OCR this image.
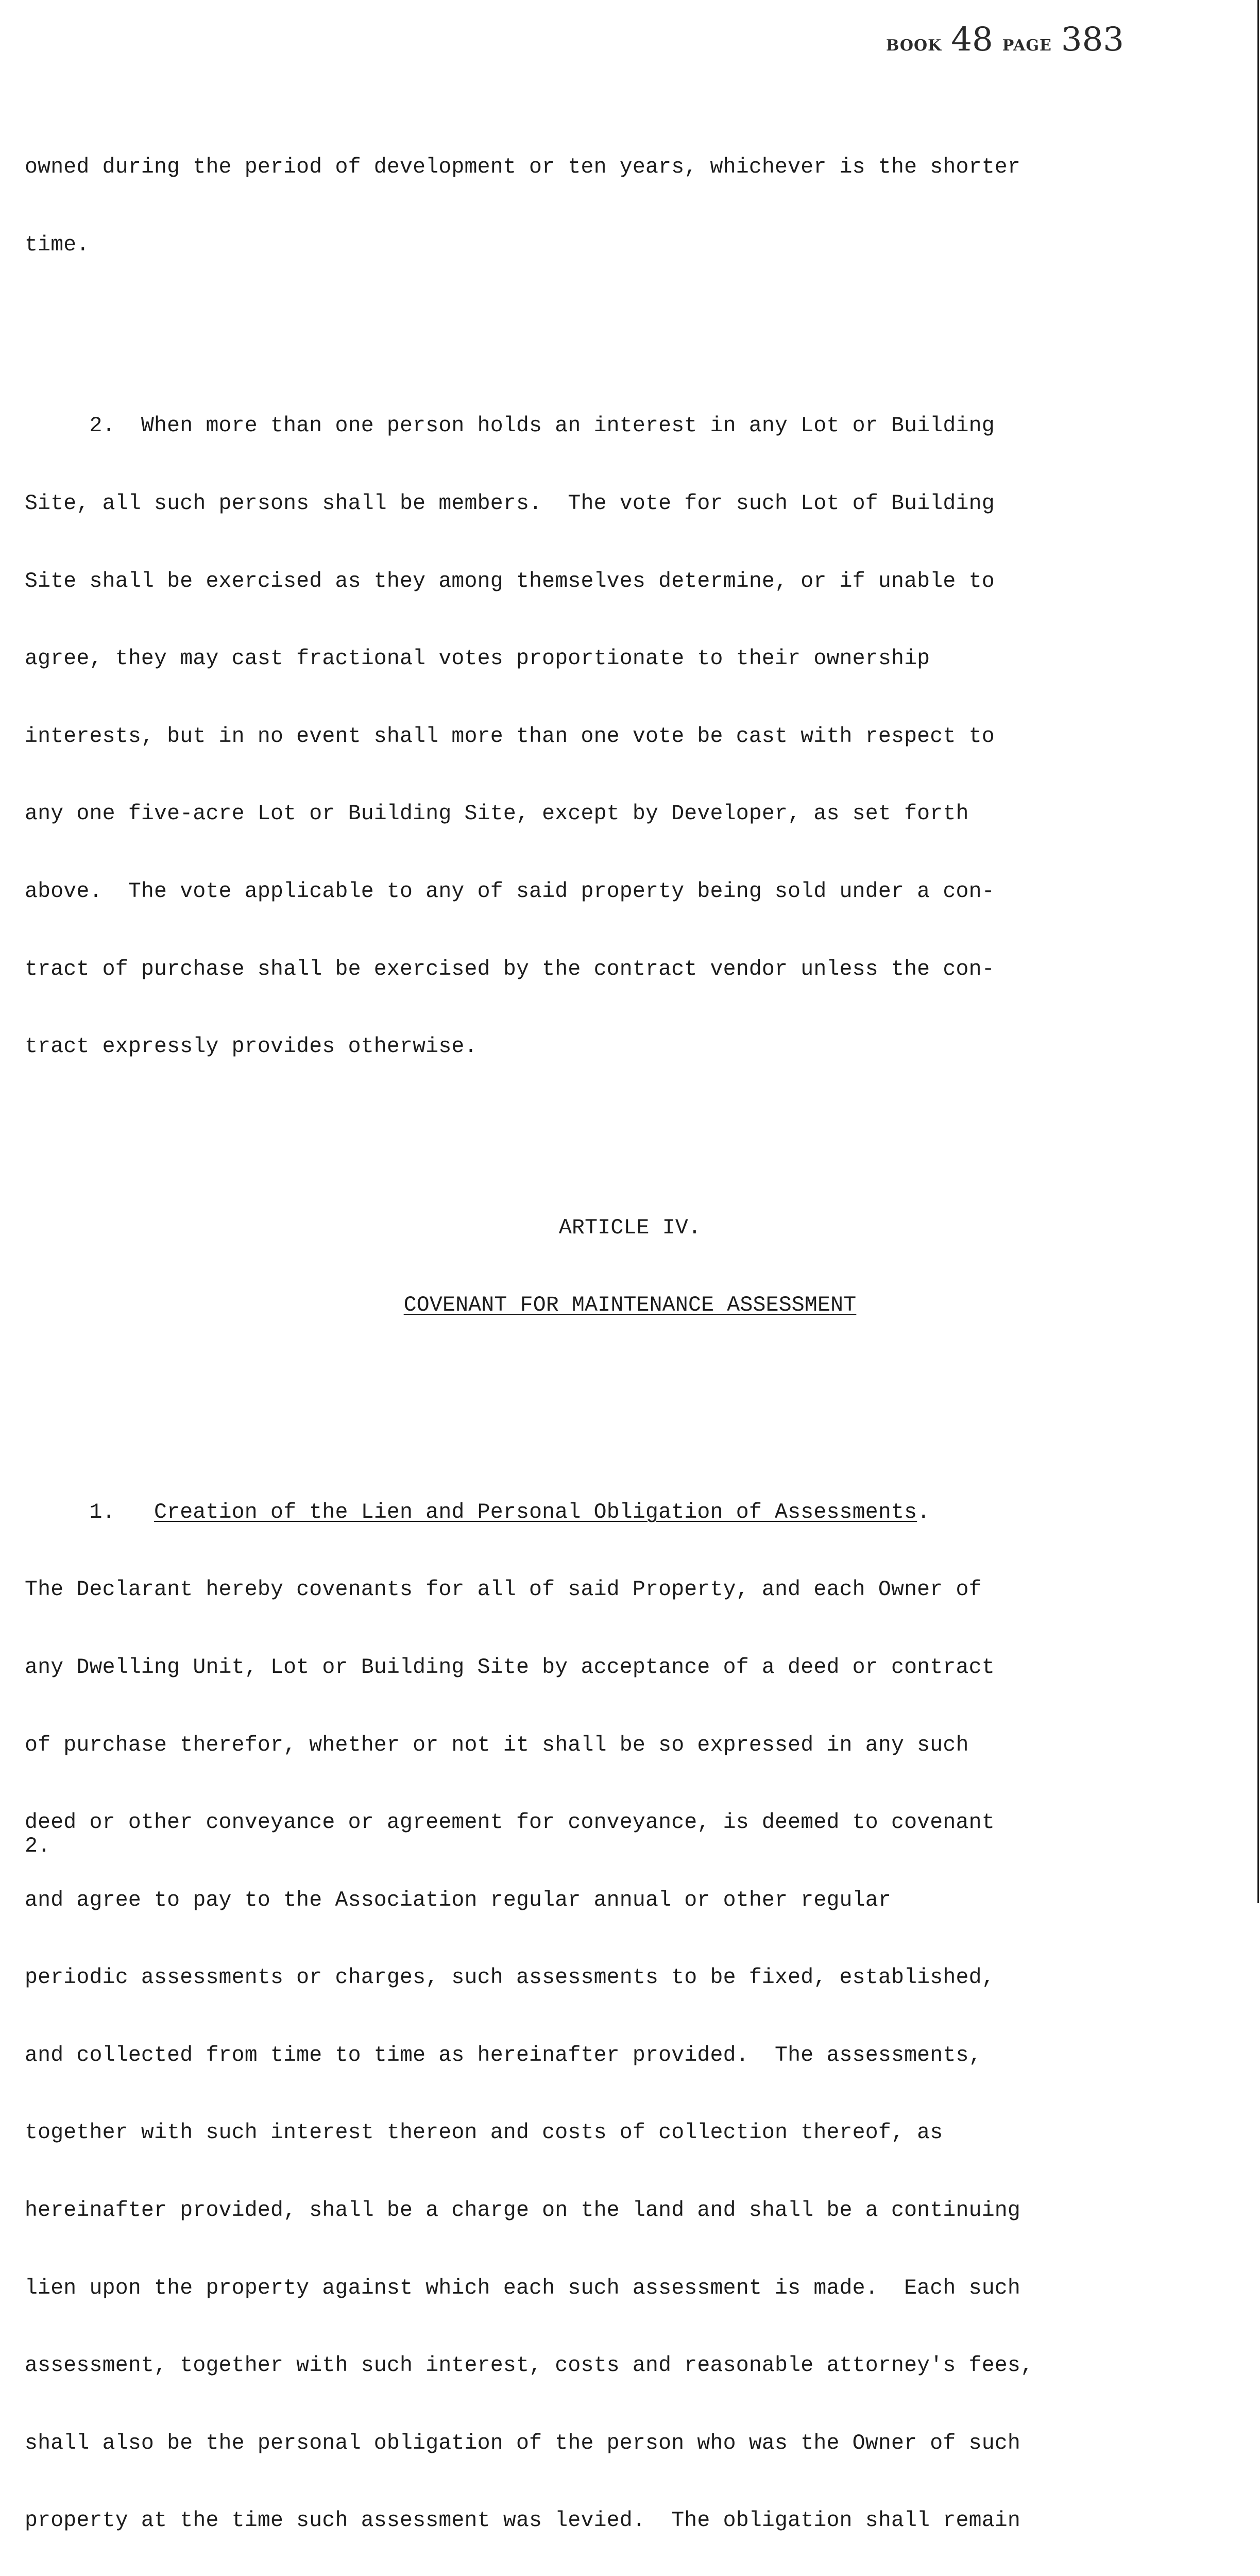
BOOK 48 PAGE 383

owned during the period of development or ten years, whichever is the shorter

time.

2.  When more than one person holds an interest in any Lot or Building

Site, all such persons shall be members.  The vote for such Lot of Building

Site shall be exercised as they among themselves determine, or if unable to

agree, they may cast fractional votes proportionate to their ownership

interests, but in no event shall more than one vote be cast with respect to

any one five-acre Lot or Building Site, except by Developer, as set forth

above.  The vote applicable to any of said property being sold under a con-

tract of purchase shall be exercised by the contract vendor unless the con-

tract expressly provides otherwise.

ARTICLE IV.

COVENANT FOR MAINTENANCE ASSESSMENT

1.   Creation of the Lien and Personal Obligation of Assessments.

The Declarant hereby covenants for all of said Property, and each Owner of

any Dwelling Unit, Lot or Building Site by acceptance of a deed or contract

of purchase therefor, whether or not it shall be so expressed in any such

deed or other conveyance or agreement for conveyance, is deemed to covenant

and agree to pay to the Association regular annual or other regular

periodic assessments or charges, such assessments to be fixed, established,

and collected from time to time as hereinafter provided.  The assessments,

together with such interest thereon and costs of collection thereof, as

hereinafter provided, shall be a charge on the land and shall be a continuing

lien upon the property against which each such assessment is made.  Each such

assessment, together with such interest, costs and reasonable attorney's fees,

shall also be the personal obligation of the person who was the Owner of such

property at the time such assessment was levied.  The obligation shall remain

2.
